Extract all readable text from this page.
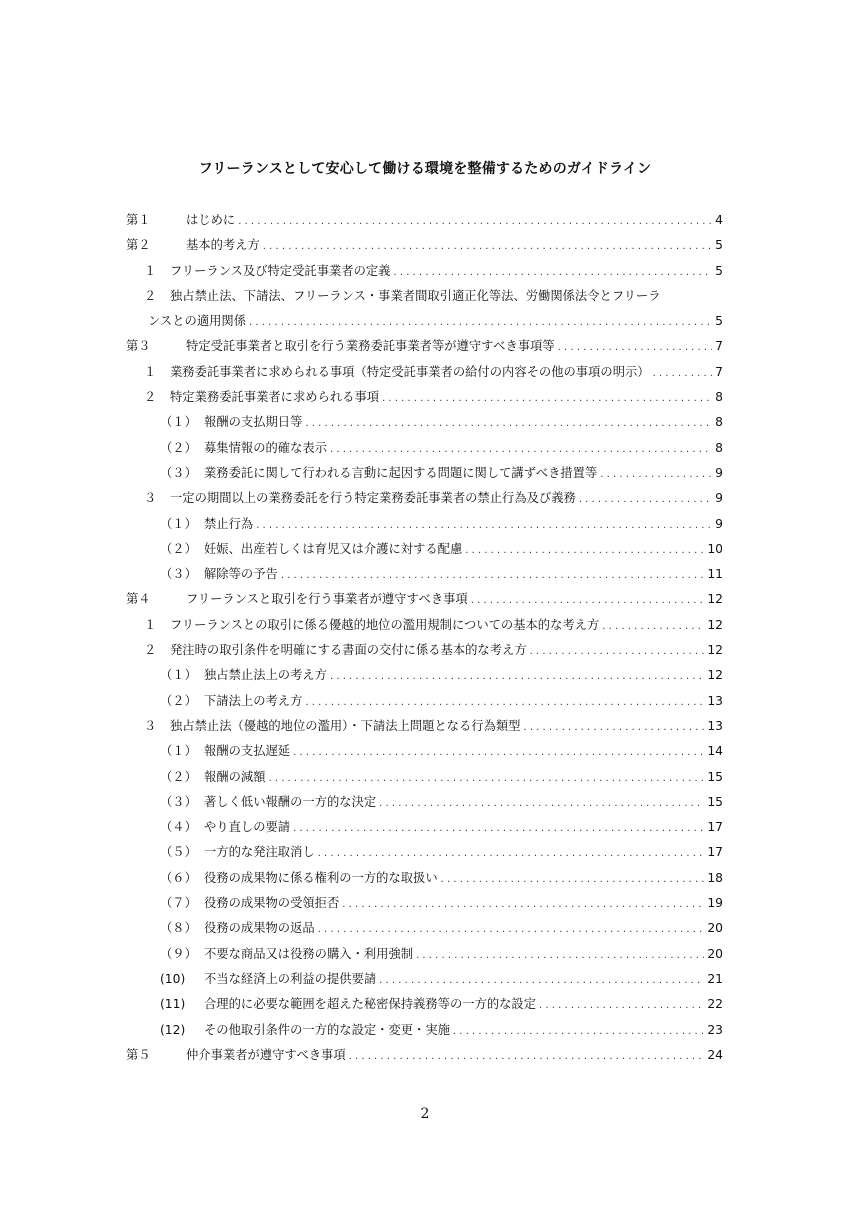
フリーランスとして安心して働ける環境を整備するためのガイドライン
第１	はじめに . . .	4
第２	基本的考え方 . . .	5
１	フリーランス及び特定受託事業者の定義 . . .	5
２	独占禁止法、下請法、フリーランス・事業者間取引適正化等法、労働関係法令とフリーラ
ンスとの適用関係 . . .	5
第３	特定受託事業者と取引を行う業務委託事業者等が遵守すべき事項等 . . .	7
１	業務委託事業者に求められる事項（特定受託事業者の給付の内容その他の事項の明示） . . .	7
２	特定業務委託事業者に求められる事項 . . .	8
（１） 報酬の支払期日等 . . .	8
（２） 募集情報の的確な表示 . . .	8
（３） 業務委託に関して行われる言動に起因する問題に関して講ずべき措置等 . . .	9
３	一定の期間以上の業務委託を行う特定業務委託事業者の禁止行為及び義務 . . .	9
（１） 禁止行為 . . .	9
（２） 妊娠、出産若しくは育児又は介護に対する配慮 . . .	10
（３） 解除等の予告 . . .	11
第４	フリーランスと取引を行う事業者が遵守すべき事項 . . .	12
１	フリーランスとの取引に係る優越的地位の濫用規制についての基本的な考え方 . . .	12
２	発注時の取引条件を明確にする書面の交付に係る基本的な考え方 . . .	12
（１） 独占禁止法上の考え方 . . .	12
（２） 下請法上の考え方 . . .	13
３	独占禁止法（優越的地位の濫用）・下請法上問題となる行為類型 . . .	13
（１） 報酬の支払遅延 . . .	14
（２） 報酬の減額 . . .	15
（３） 著しく低い報酬の一方的な決定 . . .	15
（４） やり直しの要請 . . .	17
（５） 一方的な発注取消し . . .	17
（６） 役務の成果物に係る権利の一方的な取扱い . . .	18
（７） 役務の成果物の受領拒否 . . .	19
（８） 役務の成果物の返品 . . .	20
（９） 不要な商品又は役務の購入・利用強制 . . .	20
(10)	不当な経済上の利益の提供要請 . . .	21
(11)	合理的に必要な範囲を超えた秘密保持義務等の一方的な設定 . . .	22
(12)	その他取引条件の一方的な設定・変更・実施 . . .	23
第５	仲介事業者が遵守すべき事項 . . .	24
2
